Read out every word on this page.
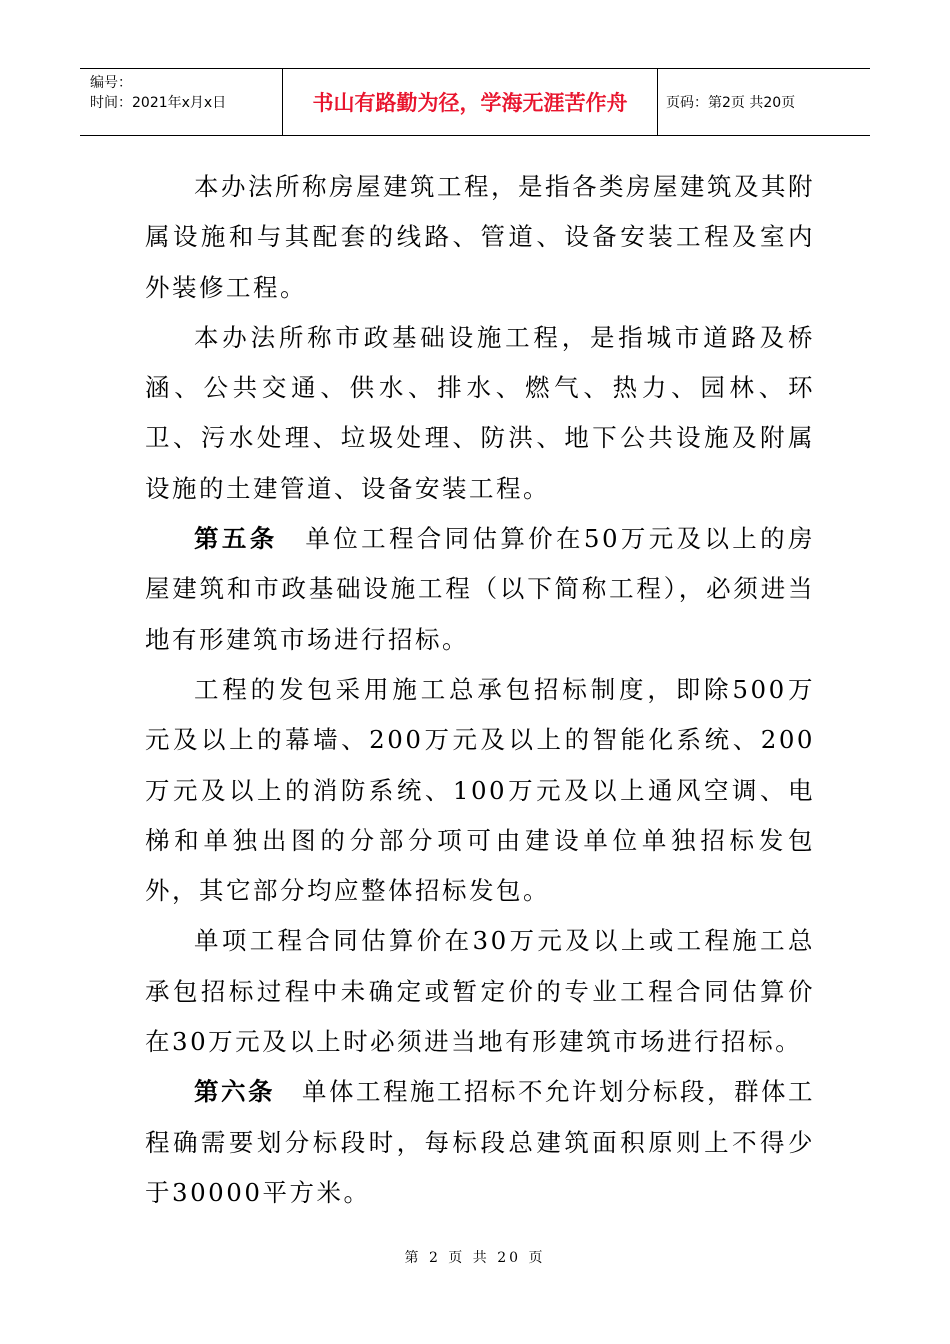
编号：
时间：2021年x月x日	书山有路勤为径，学海无涯苦作舟	页码：第2页 共20页

本办法所称房屋建筑工程，是指各类房屋建筑及其附属设施和与其配套的线路、管道、设备安装工程及室内外装修工程。

本办法所称市政基础设施工程，是指城市道路及桥涵、公共交通、供水、排水、燃气、热力、园林、环卫、污水处理、垃圾处理、防洪、地下公共设施及附属设施的土建管道、设备安装工程。

第五条　单位工程合同估算价在50万元及以上的房屋建筑和市政基础设施工程（以下简称工程），必须进当地有形建筑市场进行招标。

工程的发包采用施工总承包招标制度，即除500万元及以上的幕墙、200万元及以上的智能化系统、200万元及以上的消防系统、100万元及以上通风空调、电梯和单独出图的分部分项可由建设单位单独招标发包外，其它部分均应整体招标发包。

单项工程合同估算价在30万元及以上或工程施工总承包招标过程中未确定或暂定价的专业工程合同估算价在30万元及以上时必须进当地有形建筑市场进行招标。

第六条　单体工程施工招标不允许划分标段，群体工程确需要划分标段时，每标段总建筑面积原则上不得少于30000平方米。

第 2 页 共 20 页
